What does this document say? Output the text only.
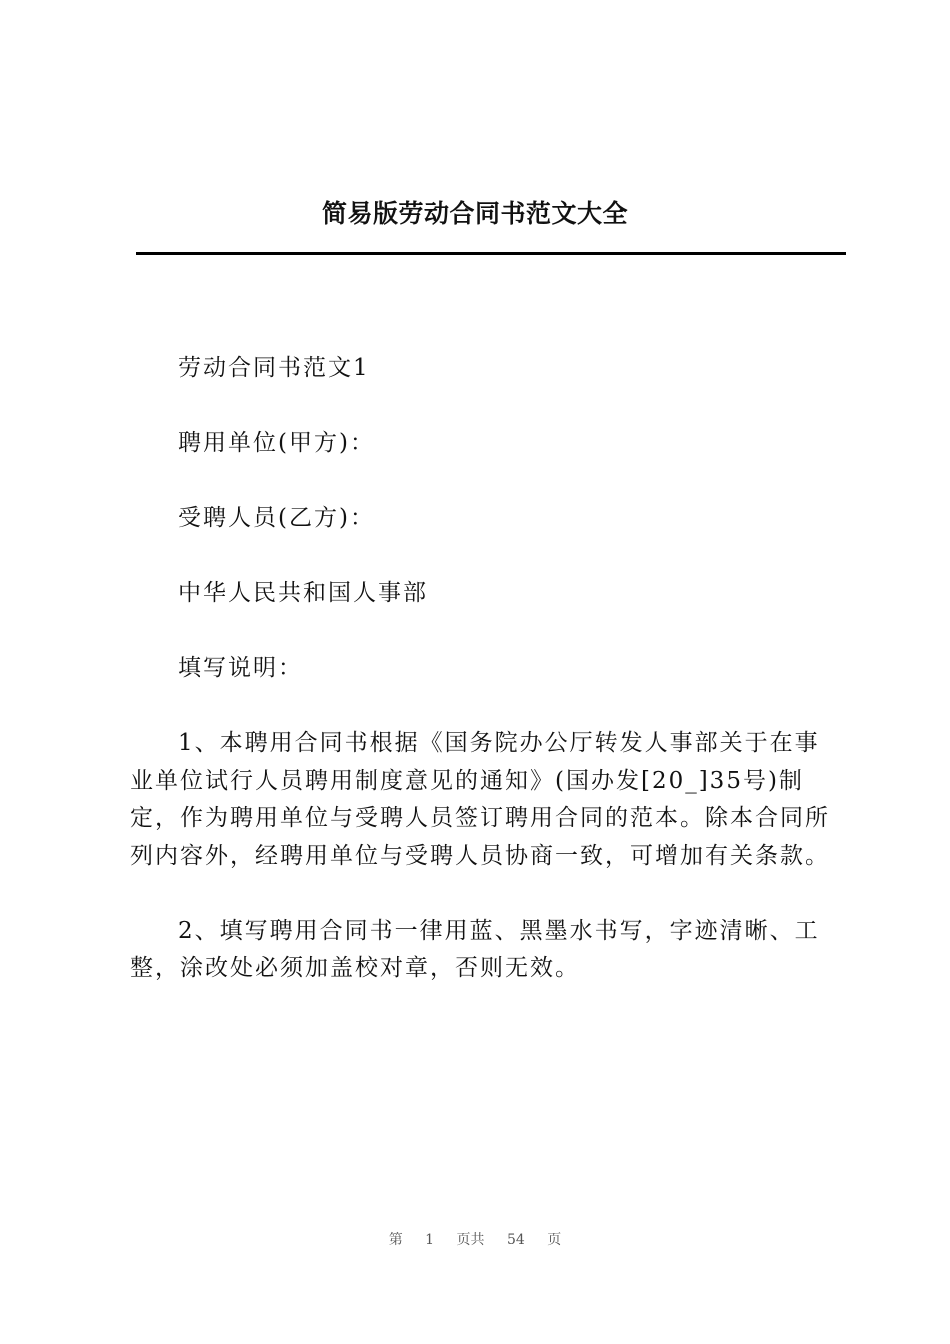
简易版劳动合同书范文大全

劳动合同书范文1

聘用单位(甲方)：

受聘人员(乙方)：

中华人民共和国人事部

填写说明：

1、本聘用合同书根据《国务院办公厅转发人事部关于在事业单位试行人员聘用制度意见的通知》(国办发[20_]35号)制定，作为聘用单位与受聘人员签订聘用合同的范本。除本合同所列内容外，经聘用单位与受聘人员协商一致，可增加有关条款。

2、填写聘用合同书一律用蓝、黑墨水书写，字迹清晰、工整，涂改处必须加盖校对章，否则无效。

第 1 页共 54 页
